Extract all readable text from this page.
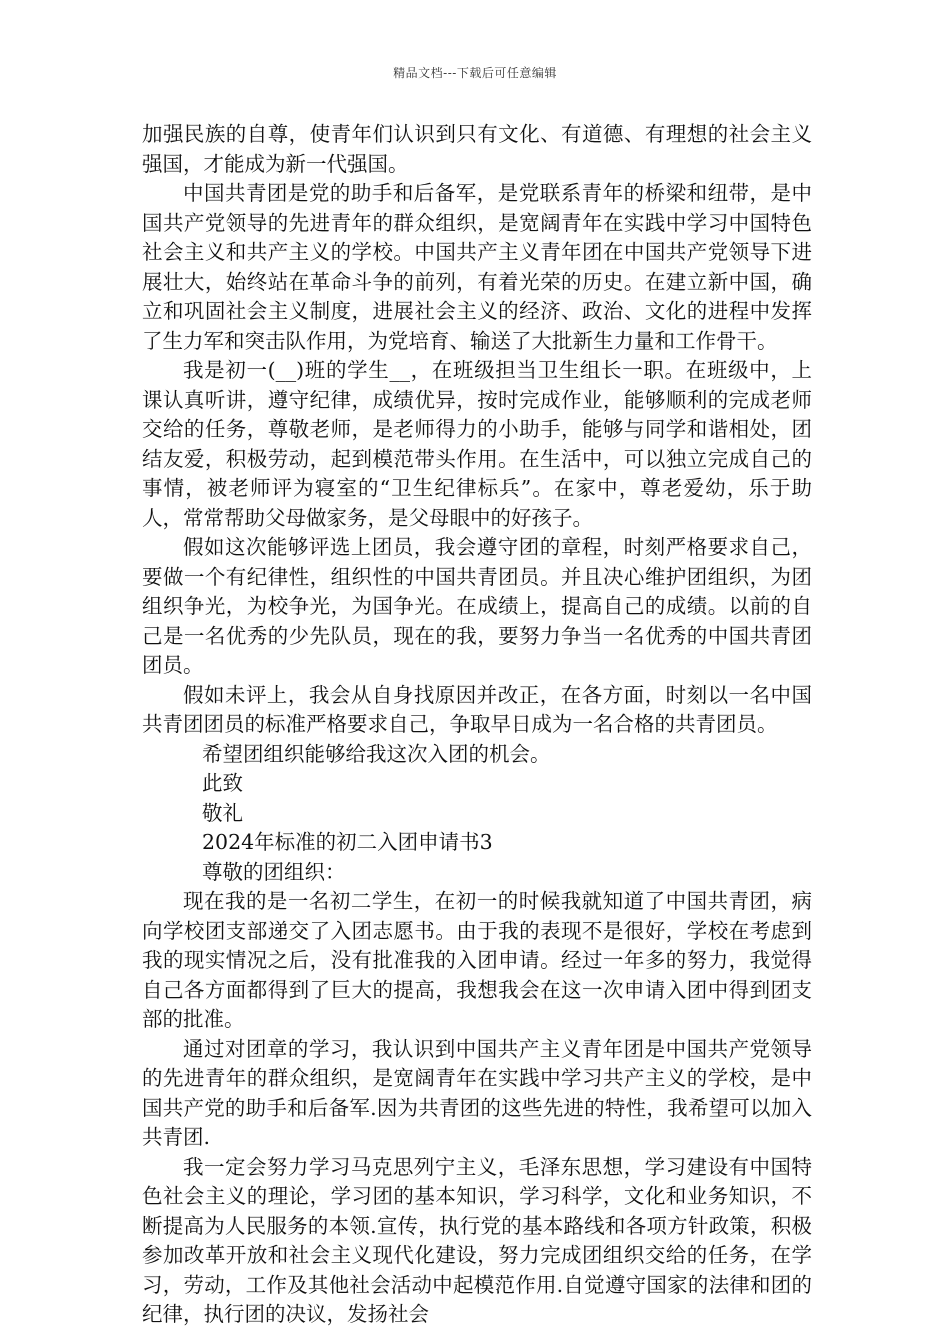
精品文档---下载后可任意编辑

加强民族的自尊，使青年们认识到只有文化、有道德、有理想的社会主义强国，才能成为新一代强国。

中国共青团是党的助手和后备军，是党联系青年的桥梁和纽带，是中国共产党领导的先进青年的群众组织，是宽阔青年在实践中学习中国特色社会主义和共产主义的学校。中国共产主义青年团在中国共产党领导下进展壮大，始终站在革命斗争的前列，有着光荣的历史。在建立新中国，确立和巩固社会主义制度，进展社会主义的经济、政治、文化的进程中发挥了生力军和突击队作用，为党培育、输送了大批新生力量和工作骨干。

我是初一(__)班的学生__，在班级担当卫生组长一职。在班级中，上课认真听讲，遵守纪律，成绩优异，按时完成作业，能够顺利的完成老师交给的任务，尊敬老师，是老师得力的小助手，能够与同学和谐相处，团结友爱，积极劳动，起到模范带头作用。在生活中，可以独立完成自己的事情，被老师评为寝室的“卫生纪律标兵”。在家中，尊老爱幼，乐于助人，常常帮助父母做家务，是父母眼中的好孩子。

假如这次能够评选上团员，我会遵守团的章程，时刻严格要求自己，要做一个有纪律性，组织性的中国共青团员。并且决心维护团组织，为团组织争光，为校争光，为国争光。在成绩上，提高自己的成绩。以前的自己是一名优秀的少先队员，现在的我，要努力争当一名优秀的中国共青团团员。

假如未评上，我会从自身找原因并改正，在各方面，时刻以一名中国共青团团员的标准严格要求自己，争取早日成为一名合格的共青团员。

希望团组织能够给我这次入团的机会。

此致

敬礼

2024年标准的初二入团申请书3

尊敬的团组织：

现在我的是一名初二学生，在初一的时候我就知道了中国共青团，病向学校团支部递交了入团志愿书。由于我的表现不是很好，学校在考虑到我的现实情况之后，没有批准我的入团申请。经过一年多的努力，我觉得自己各方面都得到了巨大的提高，我想我会在这一次申请入团中得到团支部的批准。

通过对团章的学习，我认识到中国共产主义青年团是中国共产党领导的先进青年的群众组织，是宽阔青年在实践中学习共产主义的学校，是中国共产党的助手和后备军.因为共青团的这些先进的特性，我希望可以加入共青团.

我一定会努力学习马克思列宁主义，毛泽东思想，学习建设有中国特色社会主义的理论，学习团的基本知识，学习科学，文化和业务知识，不断提高为人民服务的本领.宣传，执行党的基本路线和各项方针政策，积极参加改革开放和社会主义现代化建设，努力完成团组织交给的任务，在学习，劳动，工作及其他社会活动中起模范作用.自觉遵守国家的法律和团的纪律，执行团的决议，发扬社会
